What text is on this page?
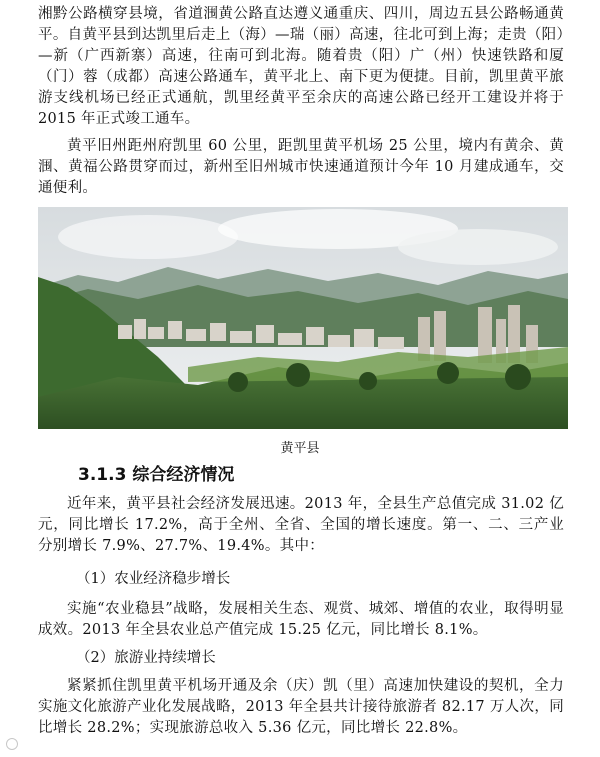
湘黔公路横穿县境，省道涠黄公路直达遵义通重庆、四川，周边五县公路畅通黄平。自黄平县到达凯里后走上（海）—瑞（丽）高速，往北可到上海；走贵（阳）—新（广西新寨）高速，往南可到北海。随着贵（阳）广（州）快速铁路和厦（门）蓉（成都）高速公路通车，黄平北上、南下更为便捷。目前，凯里黄平旅游支线机场已经正式通航，凯里经黄平至余庆的高速公路已经开工建设并将于 2015 年正式竣工通车。

黄平旧州距州府凯里 60 公里，距凯里黄平机场 25 公里，境内有黄余、黄涠、黄福公路贯穿而过，新州至旧州城市快速通道预计今年 10 月建成通车，交通便利。

黄平县
3.1.3 综合经济情况

近年来，黄平县社会经济发展迅速。2013 年，全县生产总值完成 31.02 亿元，同比增长 17.2%，高于全州、全省、全国的增长速度。第一、二、三产业分别增长 7.9%、27.7%、19.4%。其中：

（1）农业经济稳步增长

实施“农业稳县”战略，发展相关生态、观赏、城郊、增值的农业，取得明显成效。2013 年全县农业总产值完成 15.25 亿元，同比增长 8.1%。

（2）旅游业持续增长

紧紧抓住凯里黄平机场开通及余（庆）凯（里）高速加快建设的契机，全力实施文化旅游产业化发展战略，2013 年全县共计接待旅游者 82.17 万人次，同比增长 28.2%；实现旅游总收入 5.36 亿元，同比增长 22.8%。
